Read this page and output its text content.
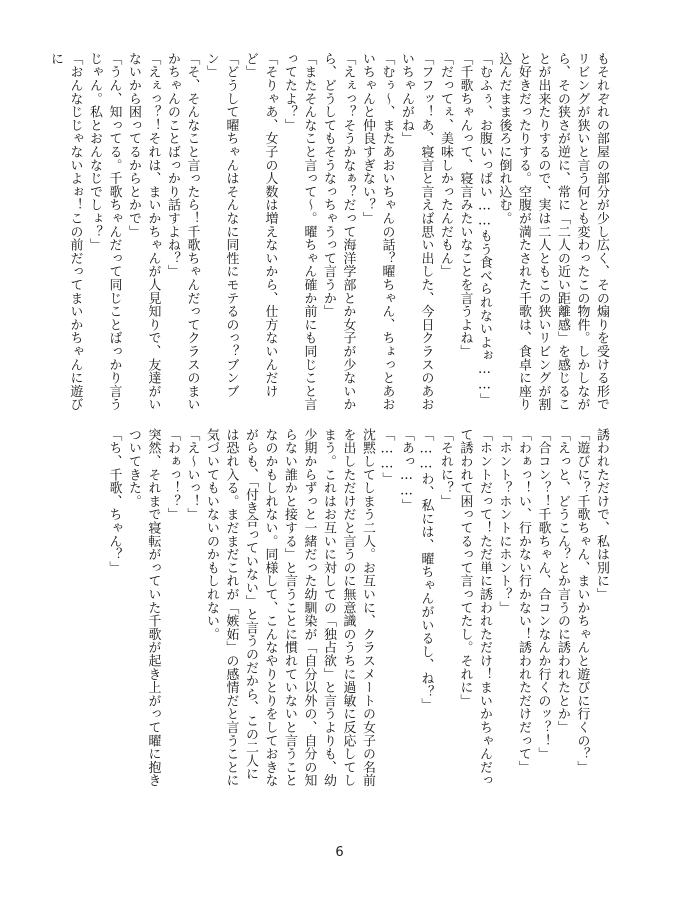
もそれぞれの部屋の部分が少し広く、その煽りを受ける形でリビングが狭いと言う何とも変わったこの物件。しかしながら、その狭さが逆に、常に「二人の近い距離感」を感じることが出来たりするので、実は二人ともこの狭いリビングが割と好きだったりする。空腹が満たされた千歌は、食卓に座り込んだまま後ろに倒れ込む。

「むふぅ、お腹いっぱい……もう食べられないよぉ……」

「千歌ちゃんって、寝言みたいなことを言うよね」

「だってぇ、美味しかったんだもん」

「フフッ！あ、寝言と言えば思い出した、今日クラスのあおいちゃんがね」

「むぅ～、またあおいちゃんの話？曜ちゃん、ちょっとあおいちゃんと仲良すぎない？」

「えぇっ？そうかなぁ？だって海洋学部とか女子が少ないから、どうしてもそうなっちゃうって言うか」

「またそんなこと言って～。曜ちゃん確か前にも同じこと言ってたよ？」

「そりゃあ、女子の人数は増えないから、仕方ないんだけど」

「どうして曜ちゃんはそんなに同性にモテるのっ？ブンブン」

「そ、そんなこと言ったら！千歌ちゃんだってクラスのまいかちゃんのことばっかり話すよね？」

「えぇっ？！それは、まいかちゃんが人見知りで、友達がいないから困ってるからとかで」

「うん、知ってる。千歌ちゃんだって同じことばっかり言うじゃん。私とおんなじでしょ？」

「おんなじじゃないよぉ！この前だってまいかちゃんに遊びに

誘われただけで、私は別に」

「遊びに？千歌ちゃん、まいかちゃんと遊びに行くの？」

「えっと、どうこん？とか言うのに誘われたとか」

「合コン？！千歌ちゃん、合コンなんか行くのッ？！」

「わぁっ！い、行かない行かない！誘われただけだって」

「ホント？ホントにホント？」

「ホントだって！ただ単に誘われただけ！まいかちゃんだって誘われて困ってるって言ってたし。それに」

「それに？」

「……わ、私には、曜ちゃんがいるし、ね？」

「あっ……」

「……」

沈黙してしまう二人。お互いに、クラスメートの女子の名前を出しただけだと言うのに無意識のうちに過敏に反応してしまう。これはお互いに対しての「独占欲」と言うよりも、幼少期からずっと一緒だった幼馴染が「自分以外の、自分の知らない誰かと接する」と言うことに慣れていないと言うことなのかもしれない。同様して、こんなやりとりをしておきながらも、「付き合っていない」と言うのだから、この二人には恐れ入る。まだまだこれが「嫉妬」の感情だと言うことに気づいてもいないのかもしれない。

「え～いっ！」

「わぁっ！？」

突然、それまで寝転がっていた千歌が起き上がって曜に抱きついてきた。

「ち、千歌、ちゃん？」

6
